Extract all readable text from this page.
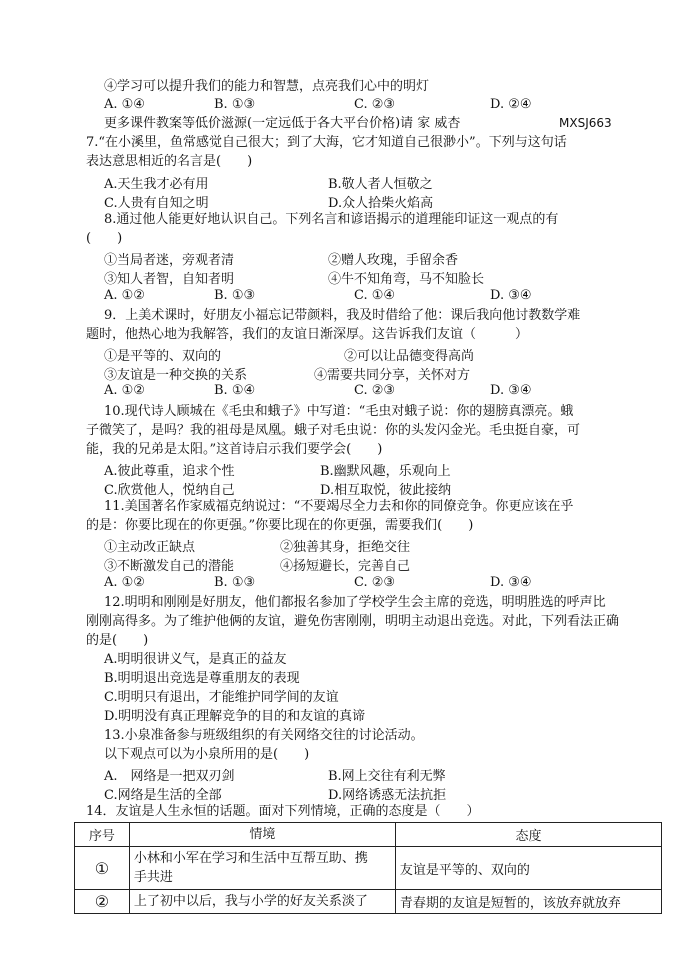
④学习可以提升我们的能力和智慧，点亮我们心中的明灯
A. ①④	B. ①③	C. ②③	D. ②④
更多课件教案等低价滋源(一定远低于各大平台价格)请 家 威杏	MXSJ663
7.“在小溪里，鱼常感觉自己很大；到了大海，它才知道自己很渺小”。下列与这句话
表达意思相近的名言是(　　)
A.天生我才必有用	B.敬人者人恒敬之
C.人贵有自知之明	D.众人拾柴火焰高
8.通过他人能更好地认识自己。下列名言和谚语揭示的道理能印证这一观点的有
(　　)
①当局者迷，旁观者清	②赠人玫瑰，手留余香
③知人者智，自知者明	④牛不知角弯，马不知脸长
A. ①②	B. ①③	C. ①④	D. ③④
9．上美术课时，好朋友小福忘记带颜料，我及时借给了他：课后我向他讨教数学难
题时，他热心地为我解答，我们的友谊日渐深厚。这告诉我们友谊（　　　）
①是平等的、双向的	②可以让品德变得高尚
③友谊是一种交换的关系	④需要共同分享，关怀对方
A. ①②	B. ①④	C. ②③	D. ③④
10.现代诗人顾城在《毛虫和蛾子》中写道：“毛虫对蛾子说：你的翅膀真漂亮。蛾
子微笑了，是吗？我的祖母是凤凰。蛾子对毛虫说：你的头发闪金光。毛虫挺自豪，可
能，我的兄弟是太阳。”这首诗启示我们要学会(　　)
A.彼此尊重，追求个性	B.幽默风趣，乐观向上
C.欣赏他人，悦纳自己	D.相互取悦，彼此接纳
11.美国著名作家威福克纳说过：“不要竭尽全力去和你的同僚竞争。你更应该在乎
的是：你要比现在的你更强。”你要比现在的你更强，需要我们(　　)
①主动改正缺点	②独善其身，拒绝交往
③不断激发自己的潜能	④扬短避长，完善自己
A. ①②	B. ①③	C. ②③	D. ③④
12.明明和刚刚是好朋友，他们都报名参加了学校学生会主席的竞选，明明胜选的呼声比
刚刚高得多。为了维护他俩的友谊，避免伤害刚刚，明明主动退出竞选。对此，下列看法正确
的是(　　)
A.明明很讲义气，是真正的益友
B.明明退出竞选是尊重朋友的表现
C.明明只有退出，才能维护同学间的友谊
D.明明没有真正理解竞争的目的和友谊的真谛
13.小泉准备参与班级组织的有关网络交往的讨论活动。
以下观点可以为小泉所用的是(　　)
A.　网络是一把双刃剑	B.网上交往有利无弊
C.网络是生活的全部	D.网络诱惑无法抗拒
14．友谊是人生永恒的话题。面对下列情境，正确的态度是（　　）
序号	情境	态度
①	小林和小军在学习和生活中互帮互助、携
手共进	友谊是平等的、双向的
②	上了初中以后，我与小学的好友关系淡了	青春期的友谊是短暂的，该放弃就放弃
